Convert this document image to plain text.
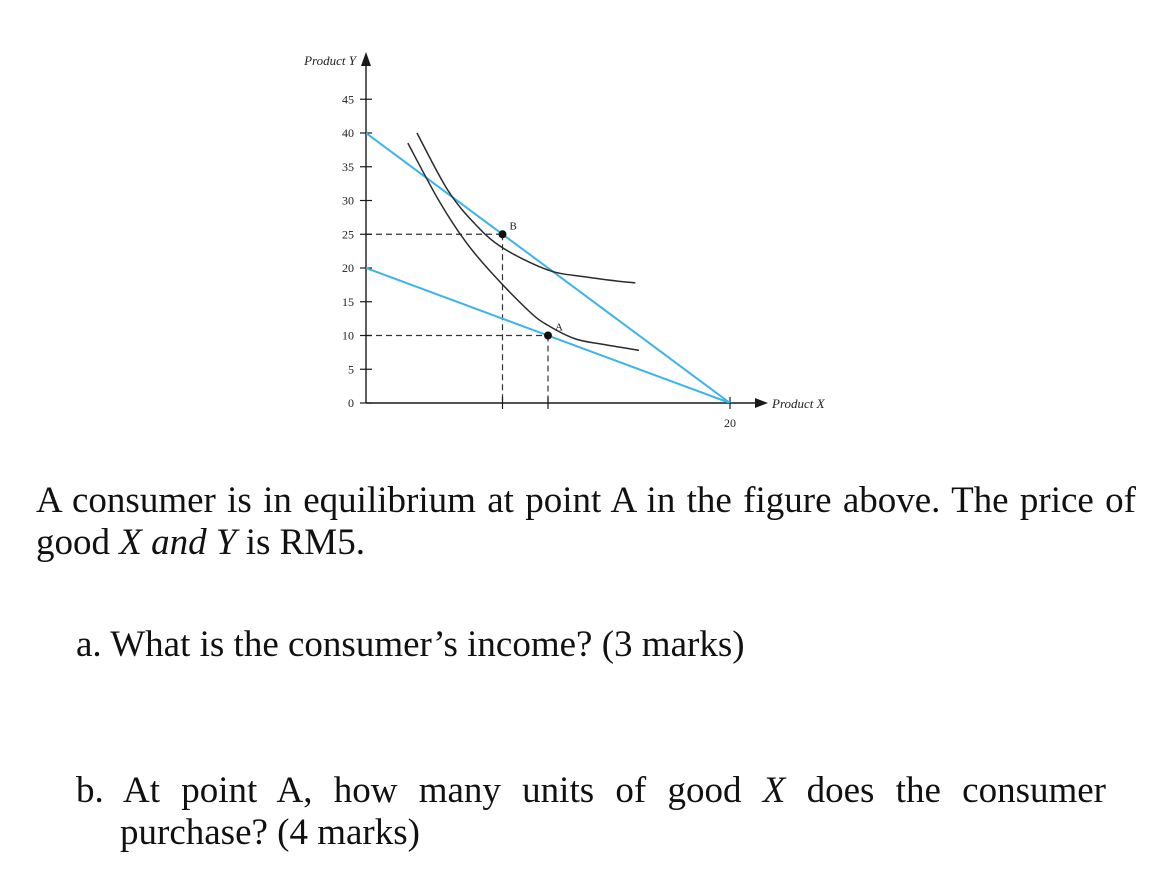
Product Y
Product X
0
5
10
15
20
25
30
35
40
45
20
A
B

A consumer is in equilibrium at point A in the figure above. The price of good X and Y is RM5.

a. What is the consumer’s income? (3 marks)

b. At point A, how many units of good X does the consumer purchase? (4 marks)
